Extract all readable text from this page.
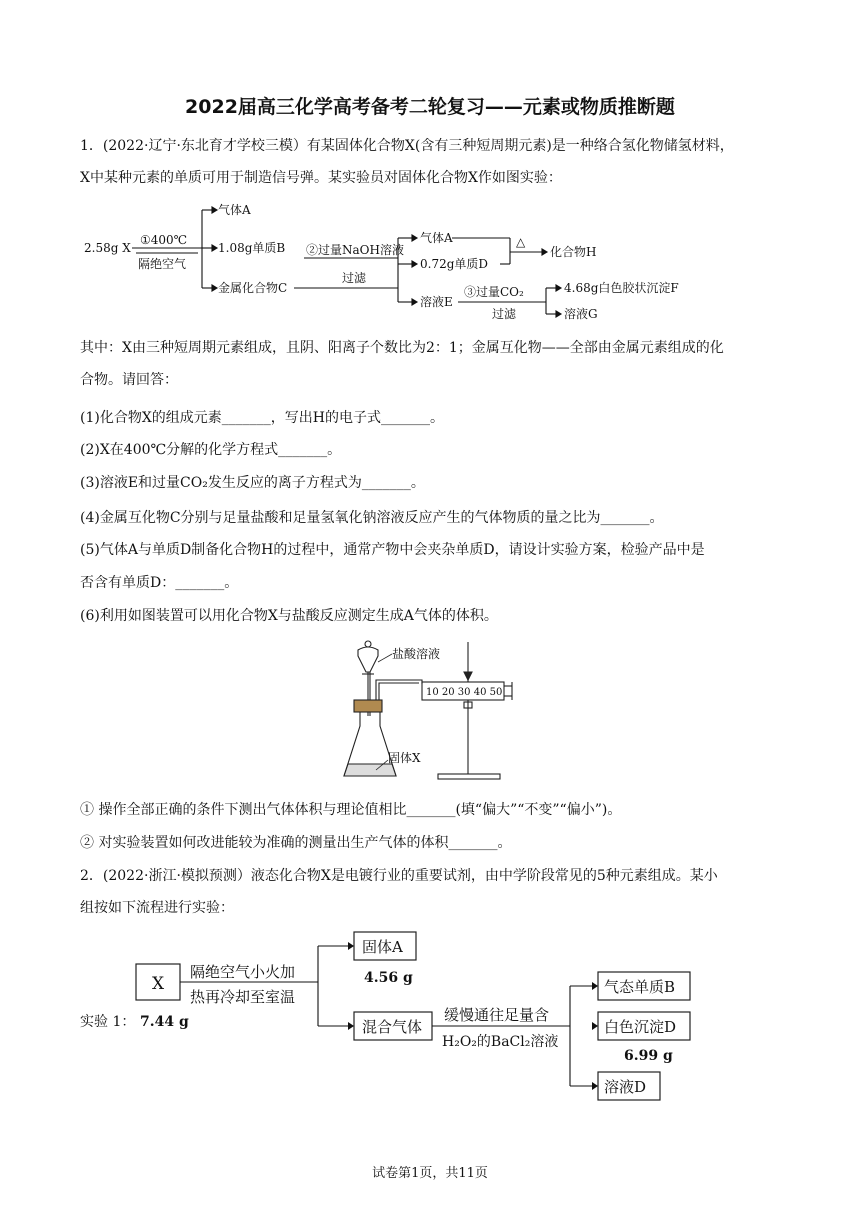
2022届高三化学高考备考二轮复习——元素或物质推断题
1．(2022·辽宁·东北育才学校三模）有某固体化合物X(含有三种短周期元素)是一种络合氢化物储氢材料，
X中某种元素的单质可用于制造信号弹。某实验员对固体化合物X作如图实验：
2.58g X
①400℃
隔绝空气
气体A
1.08g单质B
金属化合物C
②过量NaOH溶液
过滤
气体A	△
化合物H
0.72g单质D
溶液E
③过量CO₂
过滤
4.68g白色胶状沉淀F
溶液G
其中：X由三种短周期元素组成，且阴、阳离子个数比为2：1；金属互化物——全部由金属元素组成的化
合物。请回答：
(1)化合物X的组成元素_______，写出H的电子式_______。
(2)X在400℃分解的化学方程式_______。
(3)溶液E和过量CO₂发生反应的离子方程式为_______。
(4)金属互化物C分别与足量盐酸和足量氢氧化钠溶液反应产生的气体物质的量之比为_______。
(5)气体A与单质D制备化合物H的过程中，通常产物中会夹杂单质D，请设计实验方案，检验产品中是
否含有单质D：_______。
(6)利用如图装置可以用化合物X与盐酸反应测定生成A气体的体积。
盐酸溶液
10 20 30 40 50
固体X
① 操作全部正确的条件下测出气体体积与理论值相比_______(填“偏大”“不变”“偏小”)。
② 对实验装置如何改进能较为准确的测量出生产气体的体积_______。
2．(2022·浙江·模拟预测）液态化合物X是电镀行业的重要试剂，由中学阶段常见的5种元素组成。某小
组按如下流程进行实验：
X
隔绝空气小火加
热再冷却至室温
固体A
4.56 g
实验 1： 7.44 g	混合气体
缓慢通往足量含
H₂O₂的BaCl₂溶液
气态单质B
白色沉淀D
6.99 g
溶液D
试卷第1页，共11页
